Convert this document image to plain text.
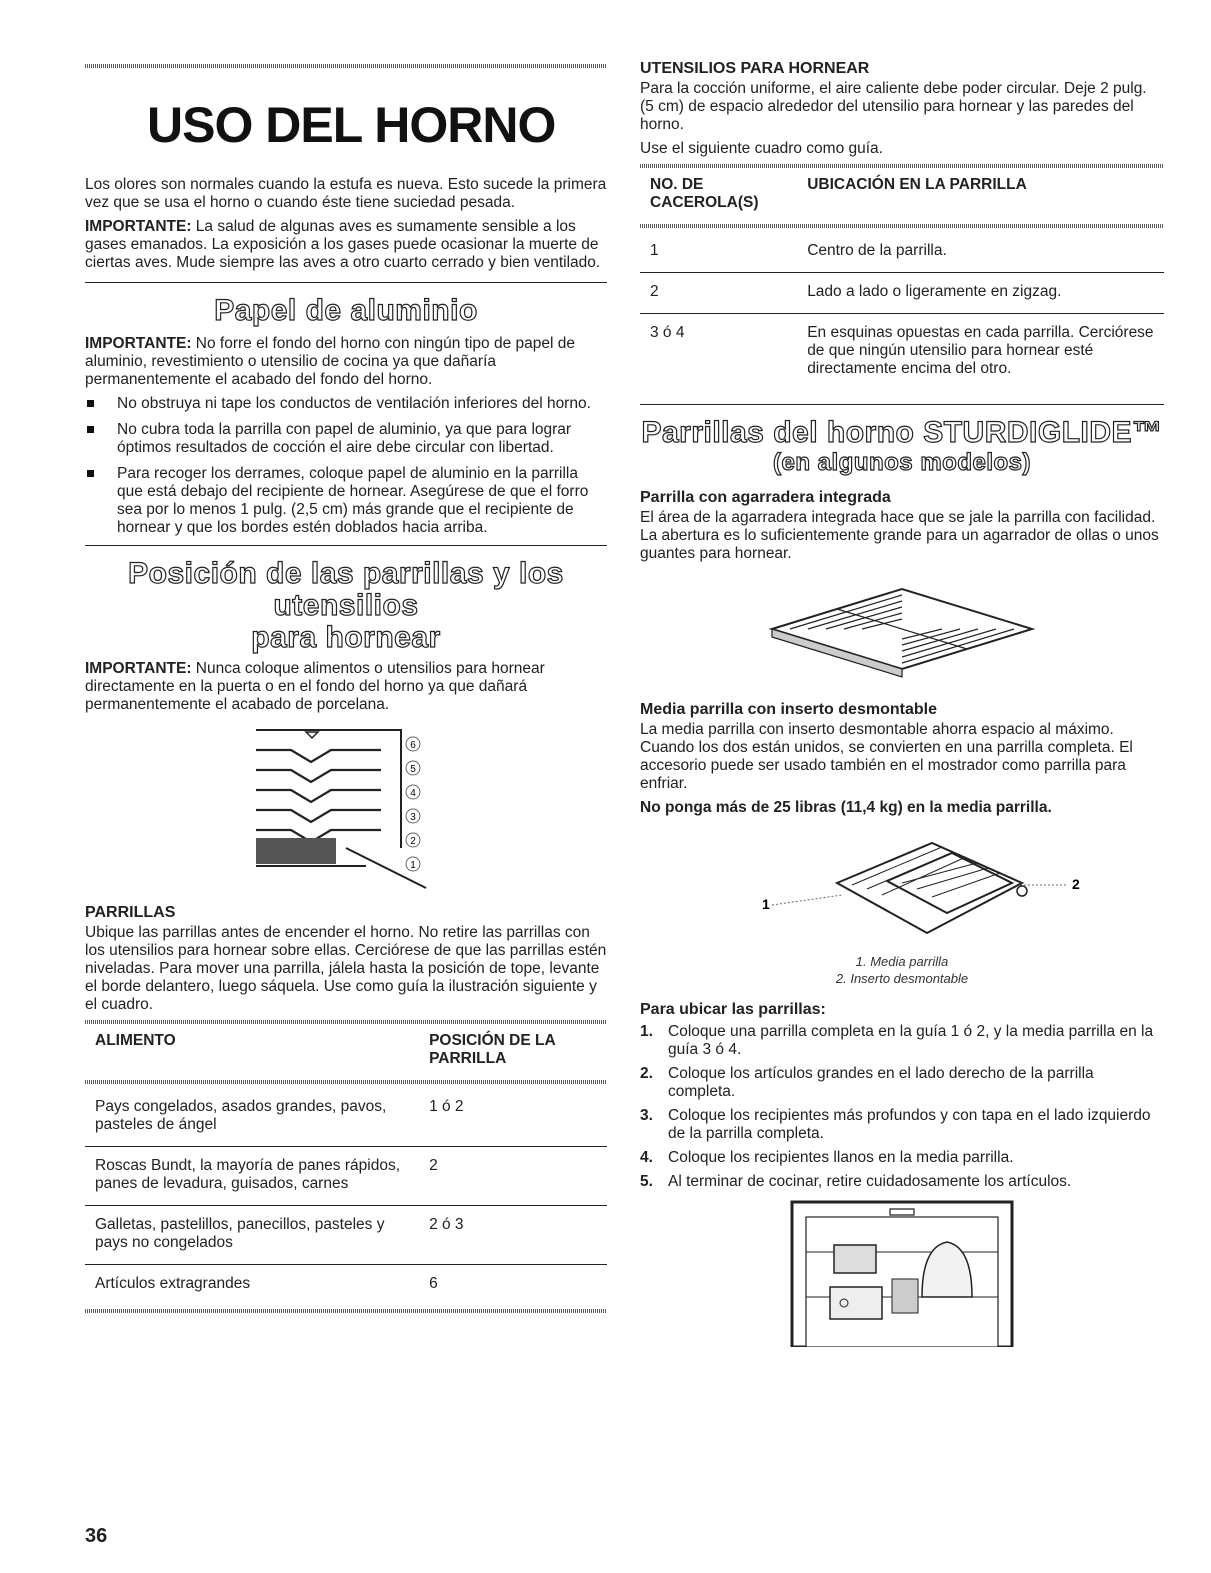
USO DEL HORNO

Los olores son normales cuando la estufa es nueva. Esto sucede la primera vez que se usa el horno o cuando éste tiene suciedad pesada.

IMPORTANTE: La salud de algunas aves es sumamente sensible a los gases emanados. La exposición a los gases puede ocasionar la muerte de ciertas aves. Mude siempre las aves a otro cuarto cerrado y bien ventilado.

Papel de aluminio

IMPORTANTE: No forre el fondo del horno con ningún tipo de papel de aluminio, revestimiento o utensilio de cocina ya que dañaría permanentemente el acabado del fondo del horno.

No obstruya ni tape los conductos de ventilación inferiores del horno.
No cubra toda la parrilla con papel de aluminio, ya que para lograr óptimos resultados de cocción el aire debe circular con libertad.
Para recoger los derrames, coloque papel de aluminio en la parrilla que está debajo del recipiente de hornear. Asegúrese de que el forro sea por lo menos 1 pulg. (2,5 cm) más grande que el recipiente de hornear y que los bordes estén doblados hacia arriba.
Posición de las parrillas y los utensilios
para hornear

IMPORTANTE: Nunca coloque alimentos o utensilios para hornear directamente en la puerta o en el fondo del horno ya que dañará permanentemente el acabado de porcelana.

6
5
4
3
2
1
PARRILLAS

Ubique las parrillas antes de encender el horno. No retire las parrillas con los utensilios para hornear sobre ellas. Cerciórese de que las parrillas estén niveladas. Para mover una parrilla, jálela hasta la posición de tope, levante el borde delantero, luego sáquela. Use como guía la ilustración siguiente y el cuadro.

ALIMENTO	POSICIÓN DE LA PARRILLA

Pays congelados, asados grandes, pavos, pasteles de ángel	1 ó 2
Roscas Bundt, la mayoría de panes rápidos, panes de levadura, guisados, carnes	2
Galletas, pastelillos, panecillos, pasteles y pays no congelados	2 ó 3
Artículos extragrandes	6
UTENSILIOS PARA HORNEAR

Para la cocción uniforme, el aire caliente debe poder circular. Deje 2 pulg. (5 cm) de espacio alrededor del utensilio para hornear y las paredes del horno.

Use el siguiente cuadro como guía.

NO. DE CACEROLA(S)	UBICACIÓN EN LA PARRILLA

1	Centro de la parrilla.
2	Lado a lado o ligeramente en zigzag.
3 ó 4	En esquinas opuestas en cada parrilla. Cerciórese de que ningún utensilio para hornear esté directamente encima del otro.
Parrillas del horno STURDIGLIDE™
(en algunos modelos)
Parrilla con agarradera integrada

El área de la agarradera integrada hace que se jale la parrilla con facilidad. La abertura es lo suficientemente grande para un agarrador de ollas o unos guantes para hornear.

Media parrilla con inserto desmontable

La media parrilla con inserto desmontable ahorra espacio al máximo. Cuando los dos están unidos, se convierten en una parrilla completa. El accesorio puede ser usado también en el mostrador como parrilla para enfriar.

No ponga más de 25 libras (11,4 kg) en la media parrilla.

1
2
1. Media parrilla
2. Inserto desmontable
Para ubicar las parrillas:
1. Coloque una parrilla completa en la guía 1 ó 2, y la media parrilla en la guía 3 ó 4.
2. Coloque los artículos grandes en el lado derecho de la parrilla completa.
3. Coloque los recipientes más profundos y con tapa en el lado izquierdo de la parrilla completa.
4. Coloque los recipientes llanos en la media parrilla.
5. Al terminar de cocinar, retire cuidadosamente los artículos.
36
